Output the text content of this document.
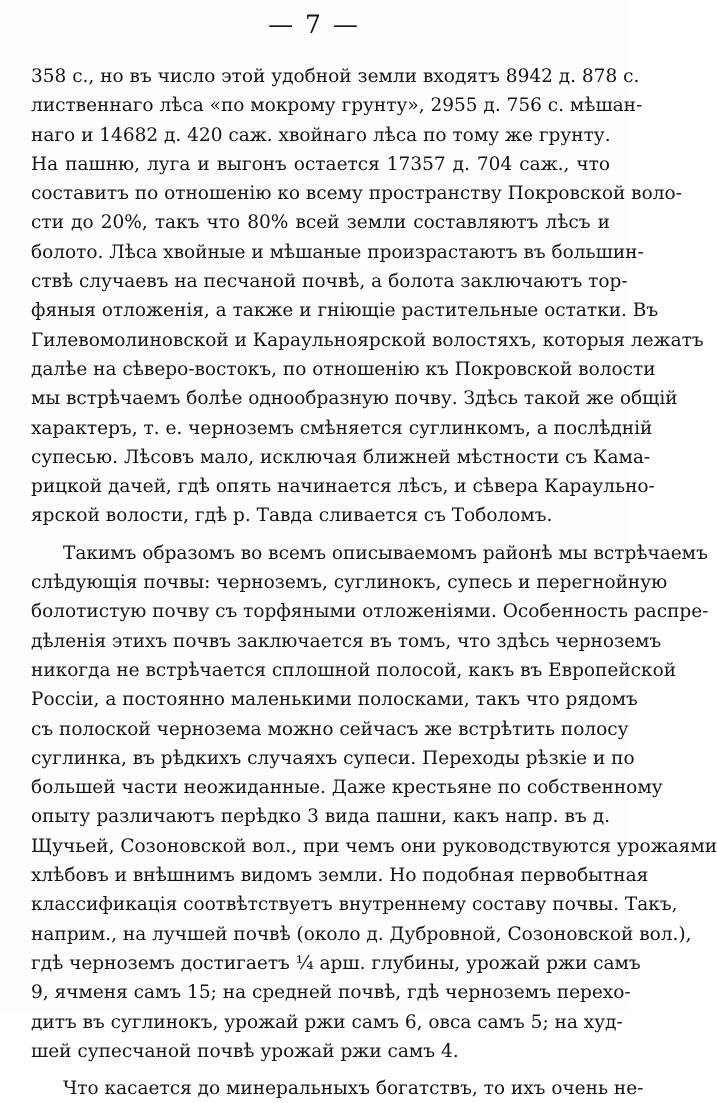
— 7 —
358 с., но въ число этой удобной земли входятъ 8942 д. 878 с.
лиственнаго лѣса «по мокрому грунту», 2955 д. 756 с. мѣшан-
наго и 14682 д. 420 саж. хвойнаго лѣса по тому же грунту.
На пашню, луга и выгонъ остается 17357 д. 704 саж., что
составитъ по отношенію ко всему пространству Покровской воло-
сти до 20%, такъ что 80% всей земли составляютъ лѣсъ и
болото. Лѣса хвойные и мѣшаные произрастаютъ въ большин-
ствѣ случаевъ на песчаной почвѣ, а болота заключаютъ тор-
фяныя отложенія, а также и гніющіе растительные остатки. Въ
Гилевомолиновской и Караульноярской волостяхъ, которыя лежатъ
далѣе на сѣверо-востокъ, по отношенію къ Покровской волости
мы встрѣчаемъ болѣе однообразную почву. Здѣсь такой же общій
характеръ, т. е. черноземъ смѣняется суглинкомъ, а послѣдній
супесью. Лѣсовъ мало, исключая ближней мѣстности съ Кама-
рицкой дачей, гдѣ опять начинается лѣсъ, и сѣвера Караульно-
ярской волости, гдѣ р. Тавда сливается съ Тоболомъ.
Такимъ образомъ во всемъ описываемомъ районѣ мы встрѣчаемъ
слѣдующія почвы: черноземъ, суглинокъ, супесь и перегнойную
болотистую почву съ торфяными отложеніями. Особенность распре-
дѣленія этихъ почвъ заключается въ томъ, что здѣсь черноземъ
никогда не встрѣчается сплошной полосой, какъ въ Европейской
Россіи, а постоянно маленькими полосками, такъ что рядомъ
съ полоской чернозема можно сейчасъ же встрѣтить полосу
суглинка, въ рѣдкихъ случаяхъ супеси. Переходы рѣзкіе и по
большей части неожиданные. Даже крестьяне по собственному
опыту различаютъ перѣдко 3 вида пашни, какъ напр. въ д.
Щучьей, Созоновской вол., при чемъ они руководствуются урожаями
хлѣбовъ и внѣшнимъ видомъ земли. Но подобная первобытная
классификація соотвѣтствуетъ внутреннему составу почвы. Такъ,
наприм., на лучшей почвѣ (около д. Дубровной, Созоновской вол.),
гдѣ черноземъ достигаетъ ¼ арш. глубины, урожай ржи самъ
9, ячменя самъ 15; на средней почвѣ, гдѣ черноземъ перехо-
дитъ въ суглинокъ, урожай ржи самъ 6, овса самъ 5; на худ-
шей супесчаной почвѣ урожай ржи самъ 4.
Что касается до минеральныхъ богатствъ, то ихъ очень не-
